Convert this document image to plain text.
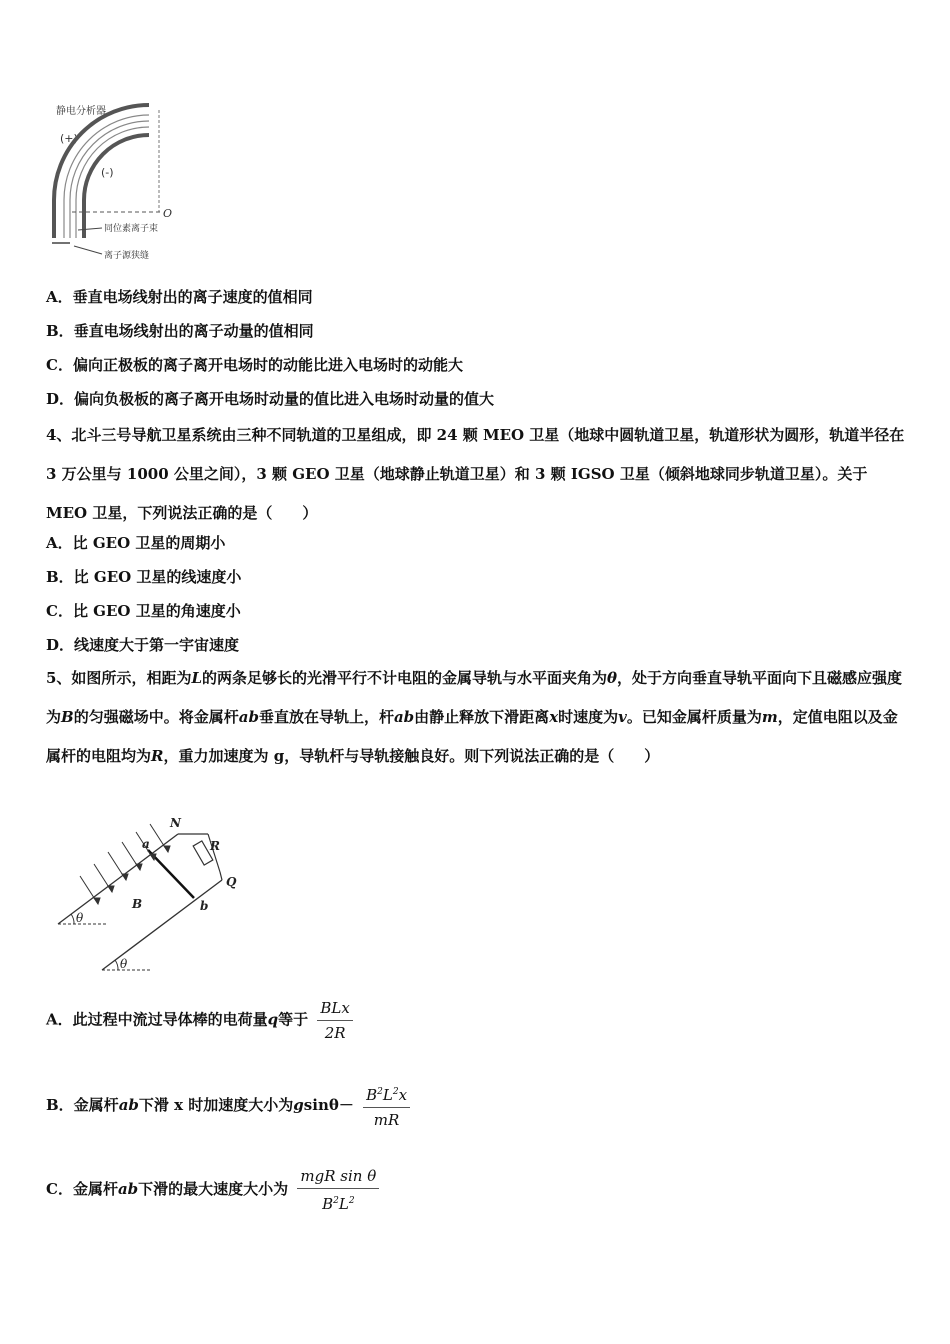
静电分析器
(+)
(-)
O
同位素离子束
离子源狭缝
A．垂直电场线射出的离子速度的值相同
B．垂直电场线射出的离子动量的值相同
C．偏向正极板的离子离开电场时的动能比进入电场时的动能大
D．偏向负极板的离子离开电场时动量的值比进入电场时动量的值大
4、北斗三号导航卫星系统由三种不同轨道的卫星组成，即 24 颗 MEO 卫星（地球中圆轨道卫星，轨道形状为圆形，轨道半径在 3 万公里与 1000 公里之间），3 颗 GEO 卫星（地球静止轨道卫星）和 3 颗 IGSO 卫星（倾斜地球同步轨道卫星）。关于 MEO 卫星，下列说法正确的是（　　）
A．比 GEO 卫星的周期小
B．比 GEO 卫星的线速度小
C．比 GEO 卫星的角速度小
D．线速度大于第一宇宙速度
5、如图所示，相距为L的两条足够长的光滑平行不计电阻的金属导轨与水平面夹角为θ，处于方向垂直导轨平面向下且磁感应强度为B的匀强磁场中。将金属杆ab垂直放在导轨上，杆ab由静止释放下滑距离x时速度为v。已知金属杆质量为m，定值电阻以及金属杆的电阻均为R，重力加速度为 g，导轨杆与导轨接触良好。则下列说法正确的是（　　）
θ
θ
N
a	R
Q
B	b
A．此过程中流过导体棒的电荷量q等于 $\frac{\text{BLx}}{2R}$
B．金属杆ab下滑 x 时加速度大小为$gsin\theta- \frac{B^2L^2x}{mR}$
C．金属杆ab下滑的最大速度大小为 $\frac{\text{mgR sin θ}}{B^2L^2}$
